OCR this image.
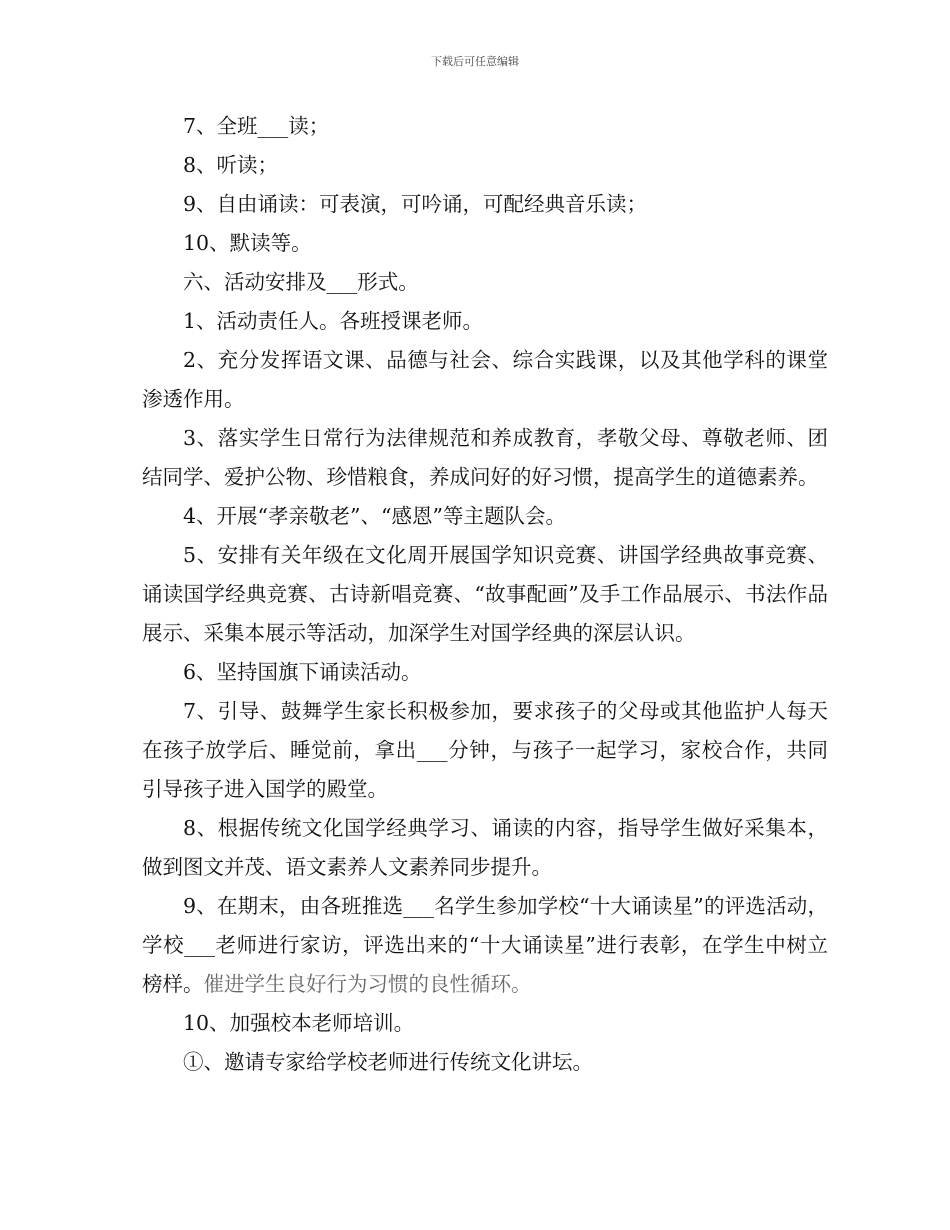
下载后可任意编辑

7、全班___读；

8、听读；

9、自由诵读：可表演，可吟诵，可配经典音乐读；

10、默读等。

六、活动安排及___形式。

1、活动责任人。各班授课老师。

2、充分发挥语文课、品德与社会、综合实践课，以及其他学科的课堂渗透作用。

3、落实学生日常行为法律规范和养成教育，孝敬父母、尊敬老师、团结同学、爱护公物、珍惜粮食，养成问好的好习惯，提高学生的道德素养。

4、开展“孝亲敬老”、“感恩”等主题队会。

5、安排有关年级在文化周开展国学知识竞赛、讲国学经典故事竞赛、诵读国学经典竞赛、古诗新唱竞赛、“故事配画”及手工作品展示、书法作品展示、采集本展示等活动，加深学生对国学经典的深层认识。

6、坚持国旗下诵读活动。

7、引导、鼓舞学生家长积极参加，要求孩子的父母或其他监护人每天在孩子放学后、睡觉前，拿出___分钟，与孩子一起学习，家校合作，共同引导孩子进入国学的殿堂。

8、根据传统文化国学经典学习、诵读的内容，指导学生做好采集本，做到图文并茂、语文素养人文素养同步提升。

9、在期末，由各班推选___名学生参加学校“十大诵读星”的评选活动，学校___老师进行家访，评选出来的“十大诵读星”进行表彰，在学生中树立榜样。催进学生良好行为习惯的良性循环。

10、加强校本老师培训。

①、邀请专家给学校老师进行传统文化讲坛。
